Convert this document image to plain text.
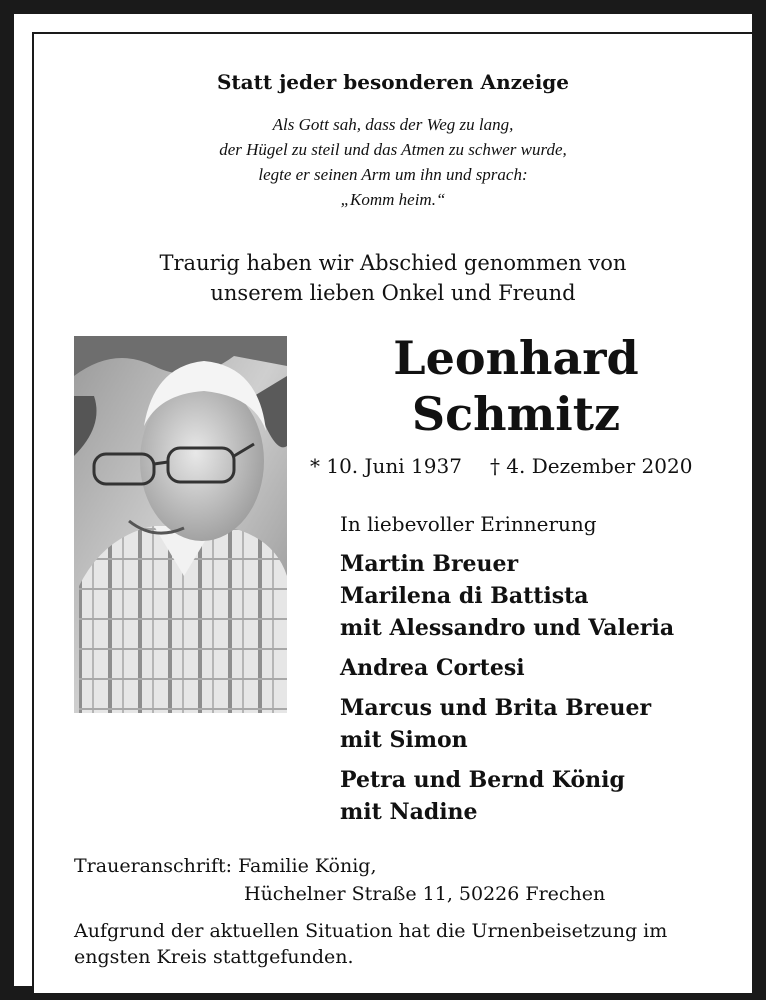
Statt jeder besonderen Anzeige
Als Gott sah, dass der Weg zu lang,
der Hügel zu steil und das Atmen zu schwer wurde,
legte er seinen Arm um ihn und sprach:
„Komm heim.“
Traurig haben wir Abschied genommen von
unserem lieben Onkel und Freund
Leonhard
Schmitz
* 10. Juni 1937 † 4. Dezember 2020
In liebevoller Erinnerung
Martin Breuer
Marilena di Battista
mit Alessandro und Valeria
Andrea Cortesi
Marcus und Brita Breuer
mit Simon
Petra und Bernd König
mit Nadine
Traueranschrift: Familie König,
Hüchelner Straße 11, 50226 Frechen
Aufgrund der aktuellen Situation hat die Urnenbeisetzung im
engsten Kreis stattgefunden.
